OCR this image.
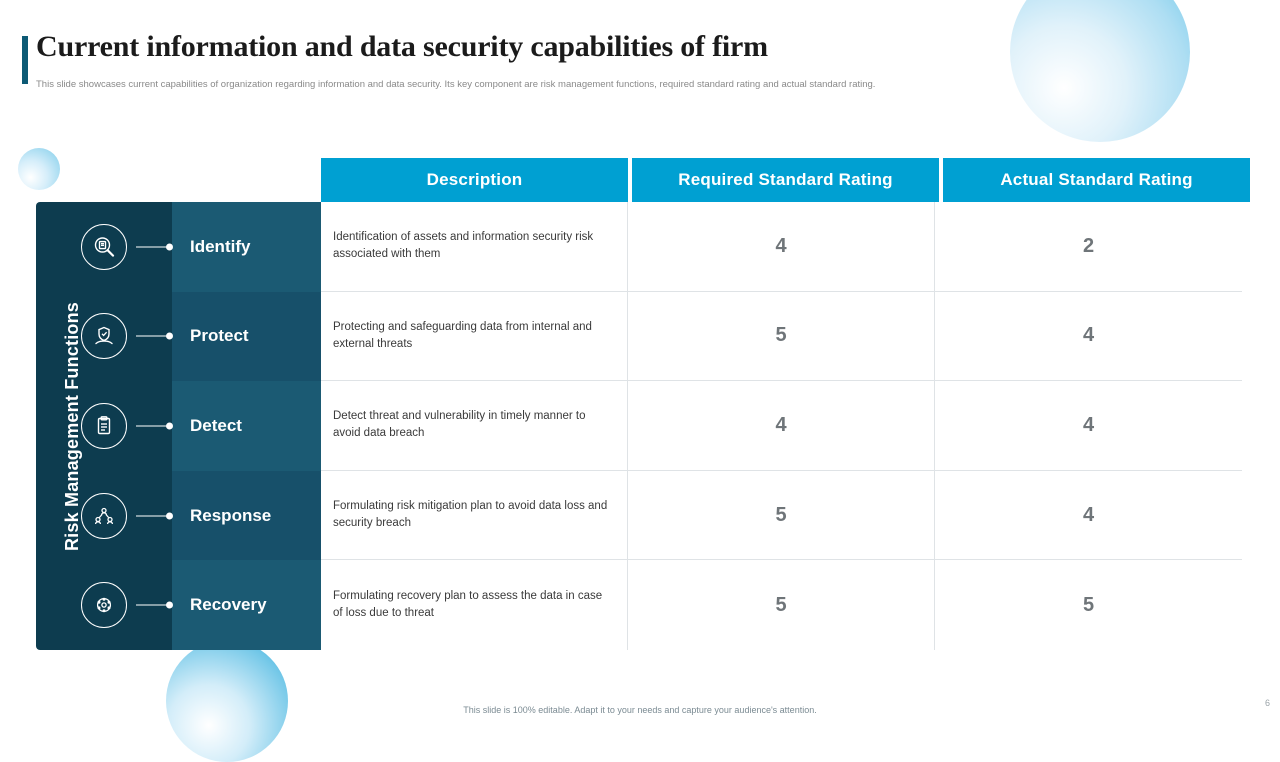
Current information and data security capabilities of firm
This slide showcases current capabilities of organization regarding information and data security. Its key component are risk management functions, required standard rating and actual standard rating.
Description	Required Standard Rating	Actual Standard Rating
Risk Management Functions
Identify	Identification of assets and information security risk associated with them	4	2
Protect	Protecting and safeguarding data from internal and external threats	5	4
Detect	Detect threat and vulnerability in timely manner to avoid data breach	4	4
Response	Formulating risk mitigation plan to avoid data loss and security breach	5	4
Recovery	Formulating recovery plan to assess the data in case of loss due to threat	5	5
This slide is 100% editable. Adapt it to your needs and capture your audience's attention.
6
